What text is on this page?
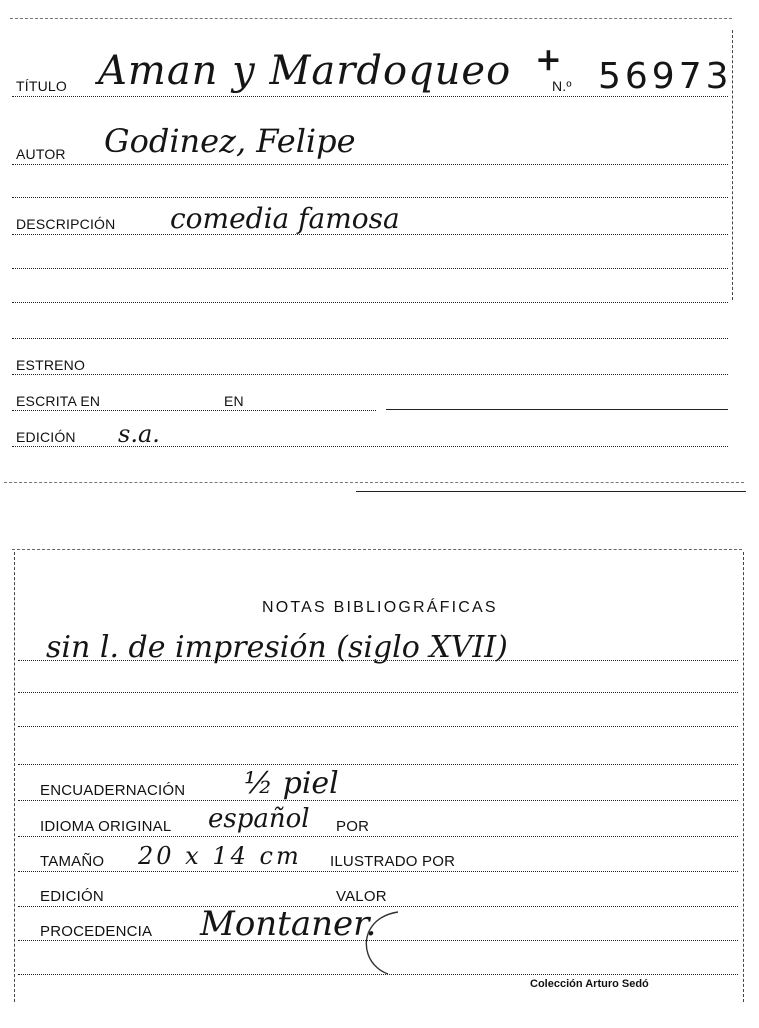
TÍTULO Aman y Mardoqueo +
N.º 56973
AUTOR Godinez, Felipe
DESCRIPCIÓN comedia famosa
ESTRENO
ESCRITA EN	EN
EDICIÓN s.a.
NOTAS BIBLIOGRÁFICAS
sin l. de impresión (siglo XVII)
ENCUADERNACIÓN ½ piel
IDIOMA ORIGINAL español POR
TAMAÑO 20 x 14 cm ILUSTRADO POR
EDICIÓN	VALOR
PROCEDENCIA Montaner.
Colección Arturo Sedó
